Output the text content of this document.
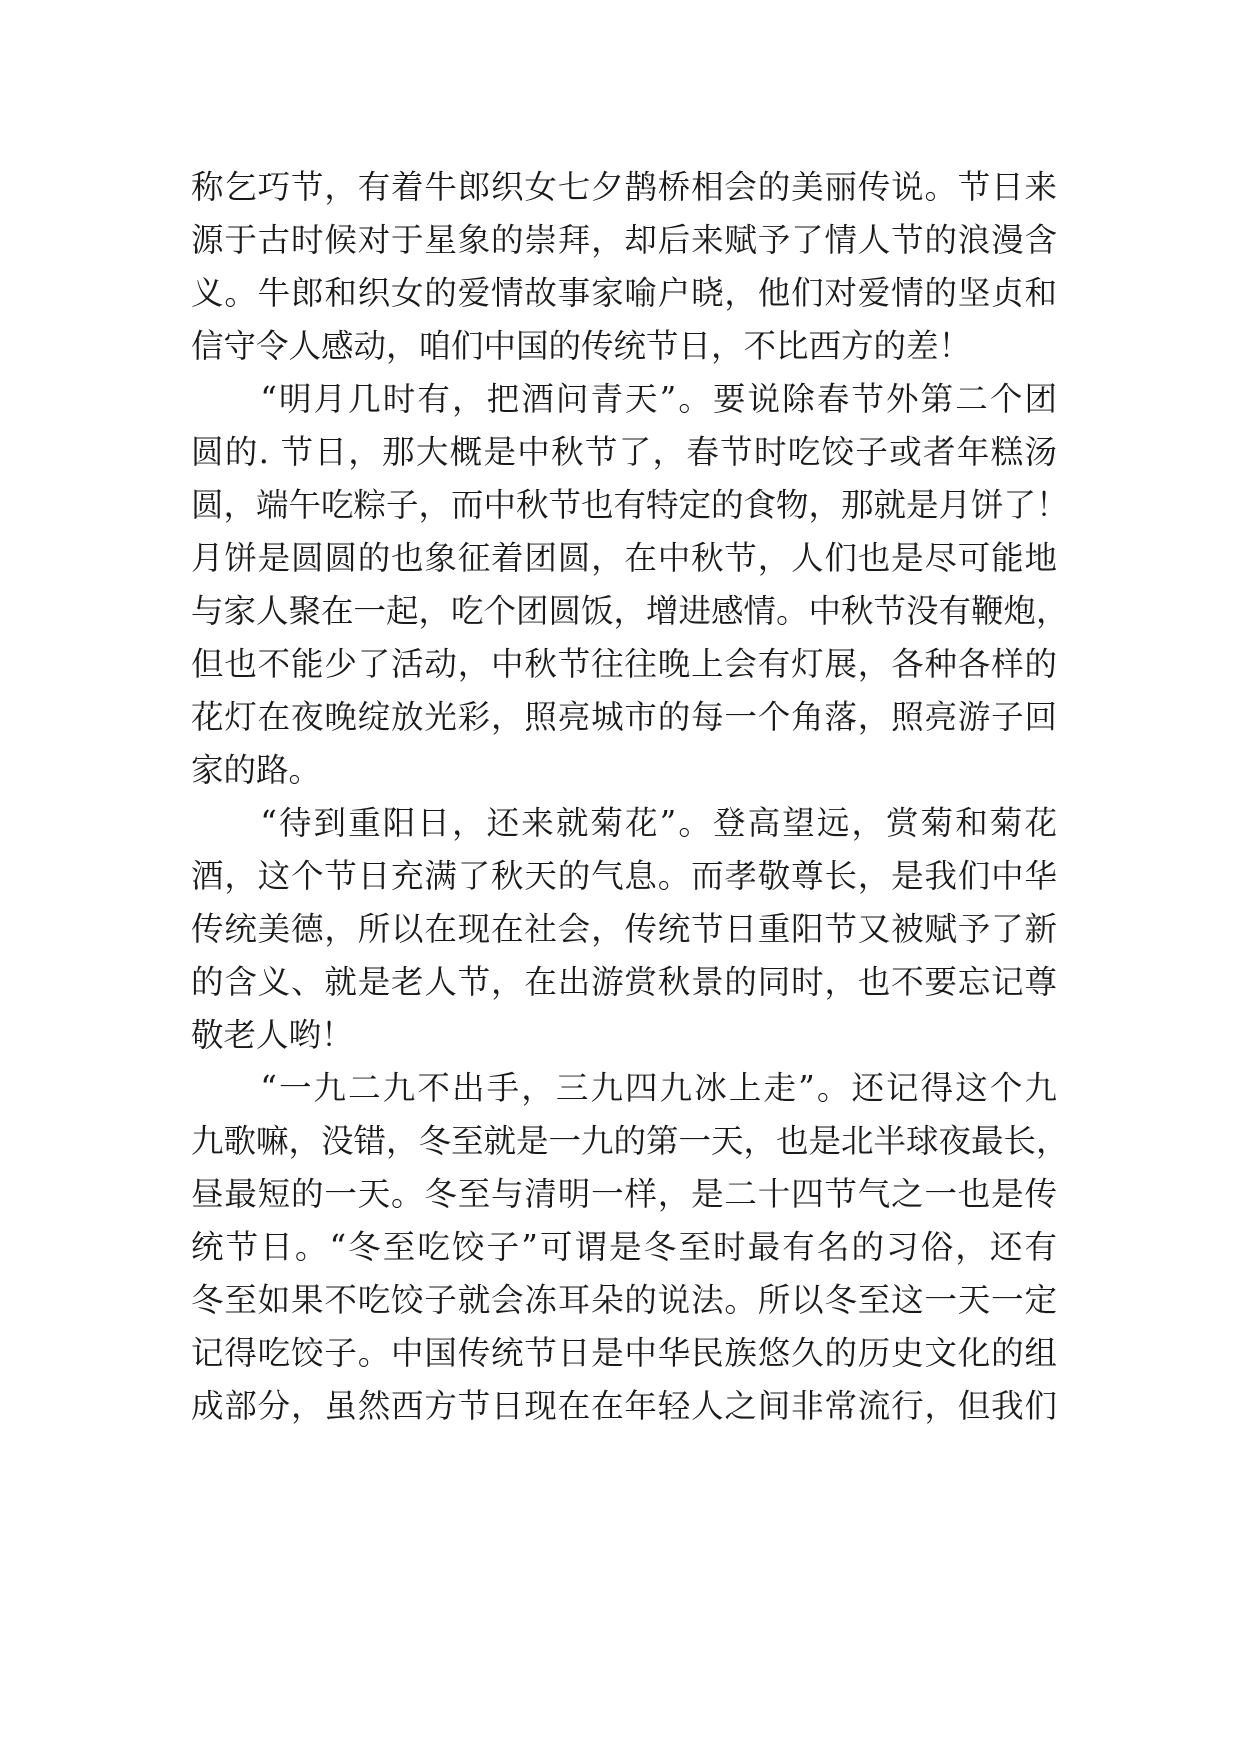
称乞巧节，有着牛郎织女七夕鹊桥相会的美丽传说。节日来
源于古时候对于星象的崇拜，却后来赋予了情人节的浪漫含
义。牛郎和织女的爱情故事家喻户晓，他们对爱情的坚贞和
信守令人感动，咱们中国的传统节日，不比西方的差！
　　“明月几时有，把酒问青天”。要说除春节外第二个团
圆的. 节日，那大概是中秋节了，春节时吃饺子或者年糕汤
圆，端午吃粽子，而中秋节也有特定的食物，那就是月饼了！
月饼是圆圆的也象征着团圆，在中秋节，人们也是尽可能地
与家人聚在一起，吃个团圆饭，增进感情。中秋节没有鞭炮，
但也不能少了活动，中秋节往往晚上会有灯展，各种各样的
花灯在夜晚绽放光彩，照亮城市的每一个角落，照亮游子回
家的路。
　　“待到重阳日，还来就菊花”。登高望远，赏菊和菊花
酒，这个节日充满了秋天的气息。而孝敬尊长，是我们中华
传统美德，所以在现在社会，传统节日重阳节又被赋予了新
的含义、就是老人节，在出游赏秋景的同时，也不要忘记尊
敬老人哟！
　　“一九二九不出手，三九四九冰上走”。还记得这个九
九歌嘛，没错，冬至就是一九的第一天，也是北半球夜最长，
昼最短的一天。冬至与清明一样，是二十四节气之一也是传
统节日。“冬至吃饺子”可谓是冬至时最有名的习俗，还有
冬至如果不吃饺子就会冻耳朵的说法。所以冬至这一天一定
记得吃饺子。中国传统节日是中华民族悠久的历史文化的组
成部分，虽然西方节日现在在年轻人之间非常流行，但我们
